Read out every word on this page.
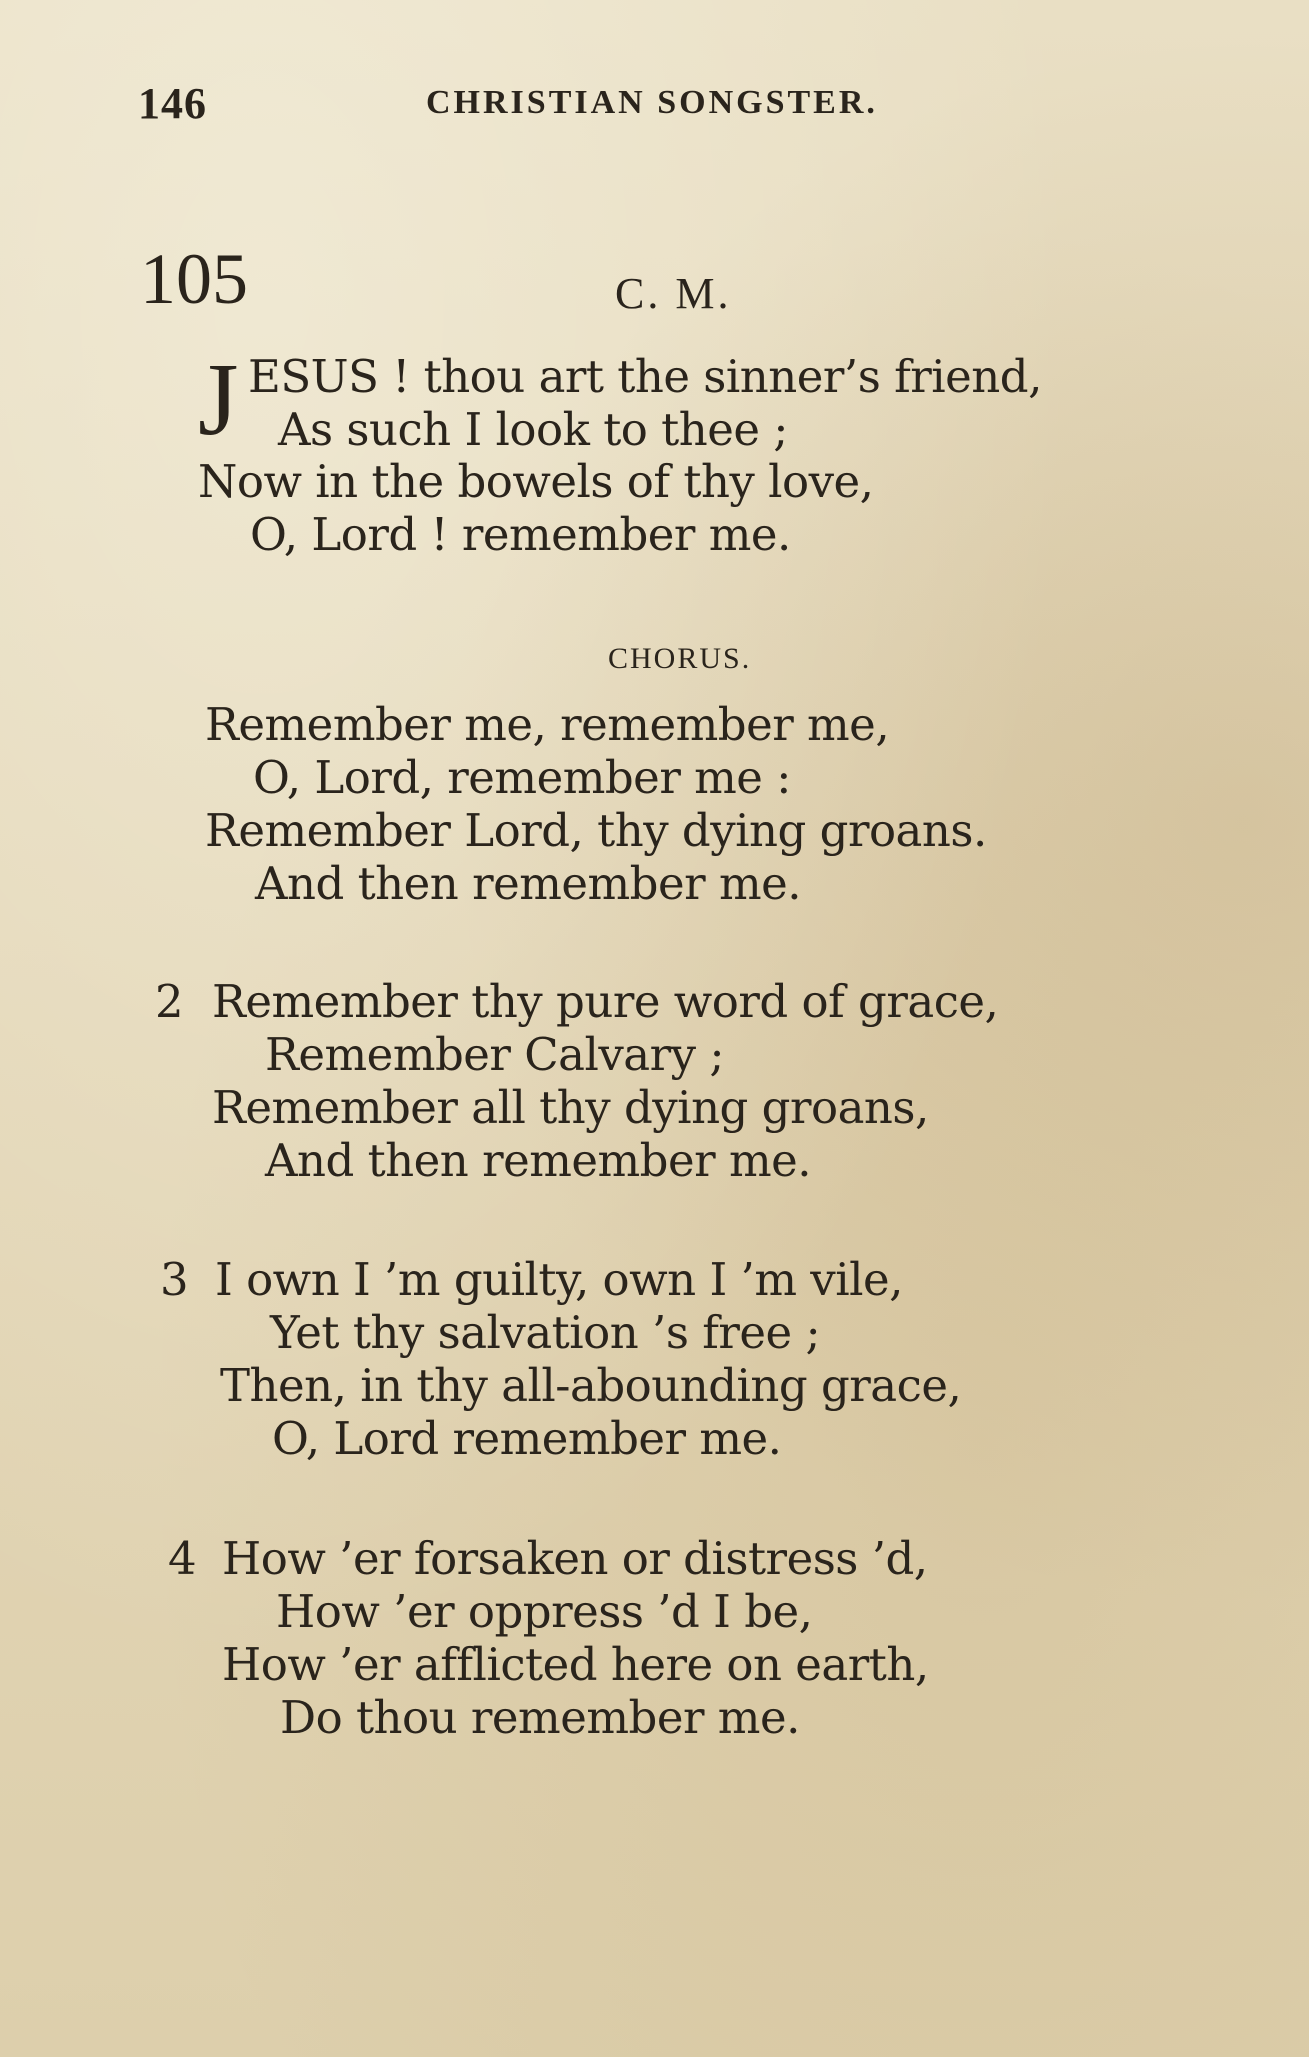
146	CHRISTIAN SONGSTER.
105	C. M.
J ESUS ! thou art the sinner’s friend,
As such I look to thee ;
Now in the bowels of thy love,
O, Lord ! remember me.
CHORUS.
Remember me, remember me,
O, Lord, remember me :
Remember Lord, thy dying groans.
And then remember me.
2 Remember thy pure word of grace,
Remember Calvary ;
Remember all thy dying groans,
And then remember me.
3 I own I ’m guilty, own I ’m vile,
Yet thy salvation ’s free ;
Then, in thy all-abounding grace,
O, Lord remember me.
4 How ’er forsaken or distress ’d,
How ’er oppress ’d I be,
How ’er afflicted here on earth,
Do thou remember me.
